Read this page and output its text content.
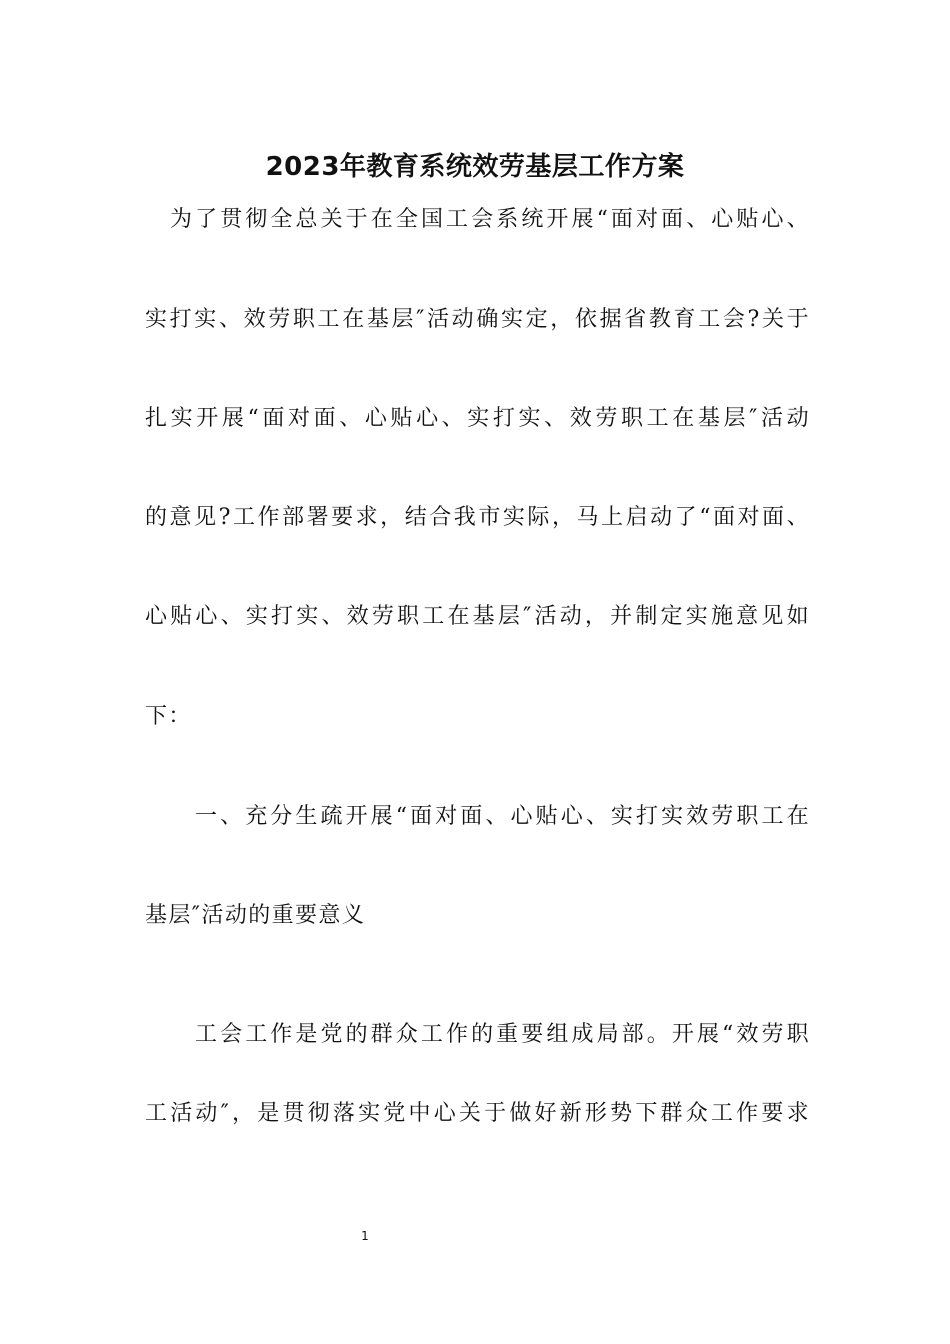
2023年教育系统效劳基层工作方案
为了贯彻全总关于在全国工会系统开展“面对面、心贴心、
实打实、效劳职工在基层″活动确实定，依据省教育工会?关于
扎实开展“面对面、心贴心、实打实、效劳职工在基层″活动
的意见?工作部署要求，结合我市实际，马上启动了“面对面、
心贴心、实打实、效劳职工在基层″活动，并制定实施意见如
下：
一、充分生疏开展“面对面、心贴心、实打实效劳职工在
基层″活动的重要意义
工会工作是党的群众工作的重要组成局部。开展“效劳职
工活动″，是贯彻落实党中心关于做好新形势下群众工作要求
1
